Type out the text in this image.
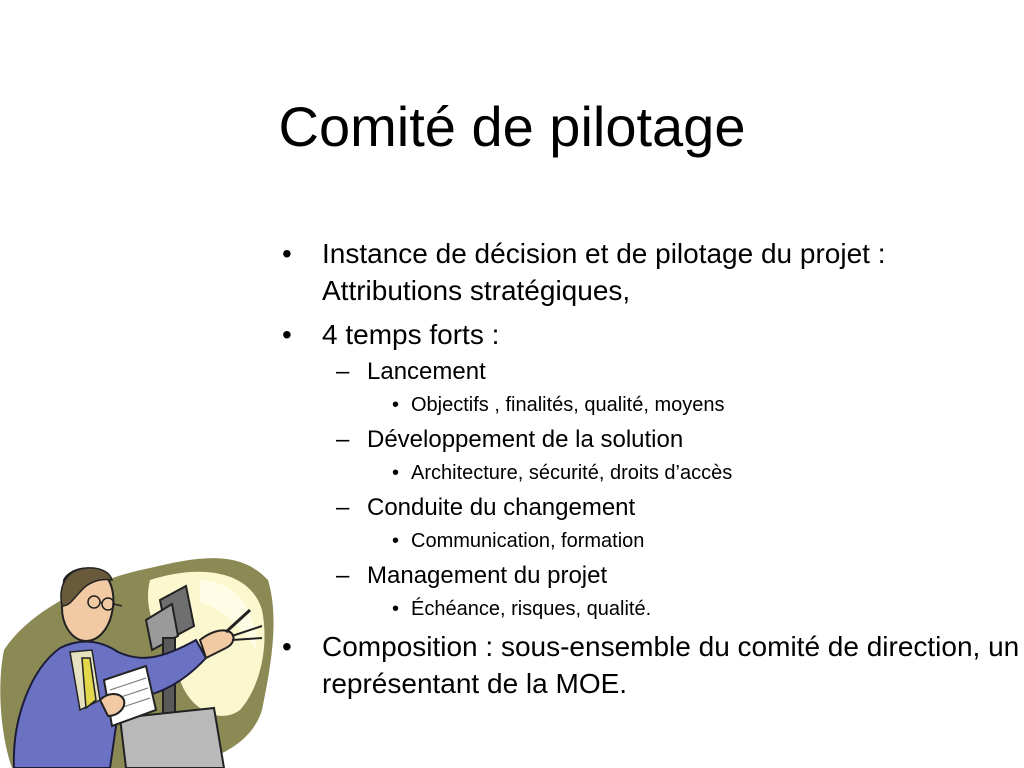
Comité de pilotage
• Instance de décision et de pilotage du projet : Attributions stratégiques,
• 4 temps forts :
– Lancement
• Objectifs , finalités, qualité, moyens
– Développement de la solution
• Architecture, sécurité, droits d’accès
– Conduite du changement
• Communication, formation
– Management du projet
• Échéance, risques, qualité.
• Composition : sous-ensemble du comité de direction, un représentant de la MOE.
